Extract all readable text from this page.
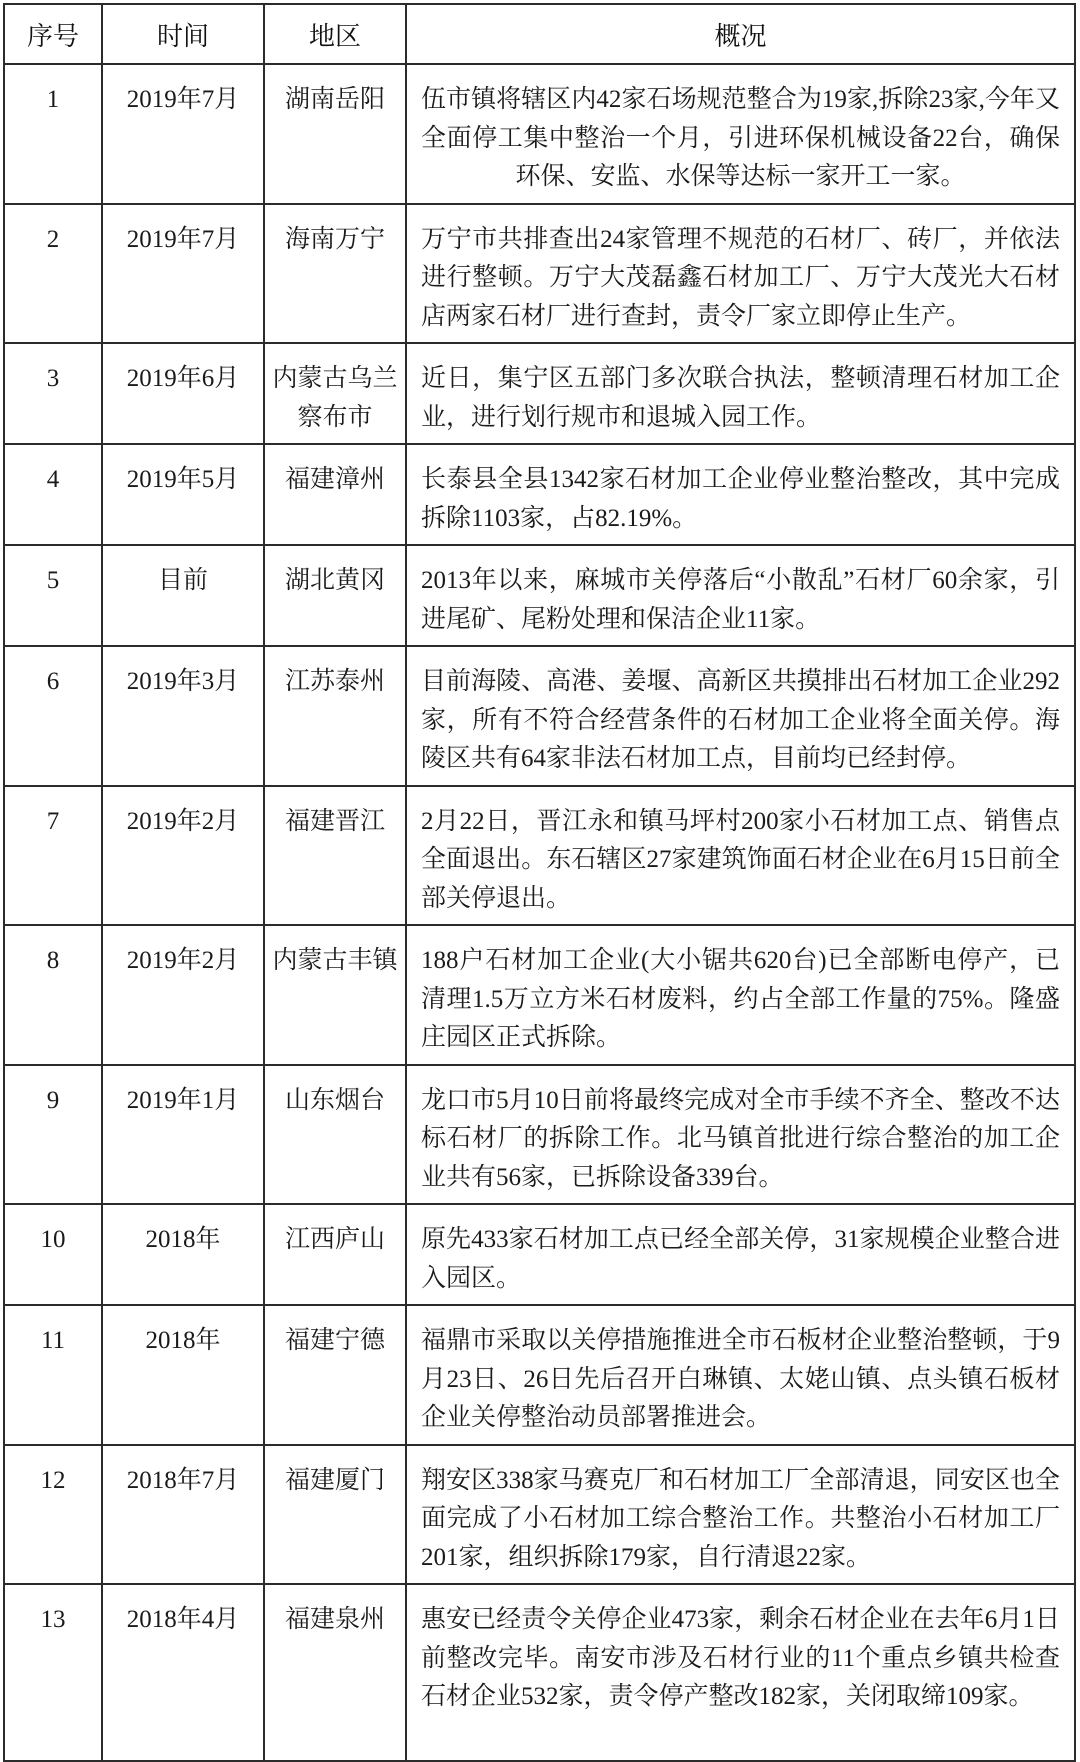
序号	时间	地区	概况
1	2019年7月	湖南岳阳	伍市镇将辖区内42家石场规范整合为19家,拆除23家,今年又全面停工集中整治一个月，引进环保机械设备22台，确保环保、安监、水保等达标一家开工一家。
2	2019年7月	海南万宁	万宁市共排查出24家管理不规范的石材厂、砖厂，并依法进行整顿。万宁大茂磊鑫石材加工厂、万宁大茂光大石材店两家石材厂进行查封，责令厂家立即停止生产。
3	2019年6月	内蒙古乌兰察布市	近日，集宁区五部门多次联合执法，整顿清理石材加工企业，进行划行规市和退城入园工作。
4	2019年5月	福建漳州	长泰县全县1342家石材加工企业停业整治整改，其中完成拆除1103家，占82.19%。
5	目前	湖北黄冈	2013年以来，麻城市关停落后“小散乱”石材厂60余家，引进尾矿、尾粉处理和保洁企业11家。
6	2019年3月	江苏泰州	目前海陵、高港、姜堰、高新区共摸排出石材加工企业292家，所有不符合经营条件的石材加工企业将全面关停。海陵区共有64家非法石材加工点，目前均已经封停。
7	2019年2月	福建晋江	2月22日，晋江永和镇马坪村200家小石材加工点、销售点全面退出。东石辖区27家建筑饰面石材企业在6月15日前全部关停退出。
8	2019年2月	内蒙古丰镇	188户石材加工企业(大小锯共620台)已全部断电停产，已清理1.5万立方米石材废料，约占全部工作量的75%。隆盛庄园区正式拆除。
9	2019年1月	山东烟台	龙口市5月10日前将最终完成对全市手续不齐全、整改不达标石材厂的拆除工作。北马镇首批进行综合整治的加工企业共有56家，已拆除设备339台。
10	2018年	江西庐山	原先433家石材加工点已经全部关停，31家规模企业整合进入园区。
11	2018年	福建宁德	福鼎市采取以关停措施推进全市石板材企业整治整顿，于9月23日、26日先后召开白琳镇、太姥山镇、点头镇石板材企业关停整治动员部署推进会。
12	2018年7月	福建厦门	翔安区338家马赛克厂和石材加工厂全部清退，同安区也全面完成了小石材加工综合整治工作。共整治小石材加工厂201家，组织拆除179家，自行清退22家。
13	2018年4月	福建泉州	惠安已经责令关停企业473家，剩余石材企业在去年6月1日前整改完毕。南安市涉及石材行业的11个重点乡镇共检查石材企业532家，责令停产整改182家，关闭取缔109家。
